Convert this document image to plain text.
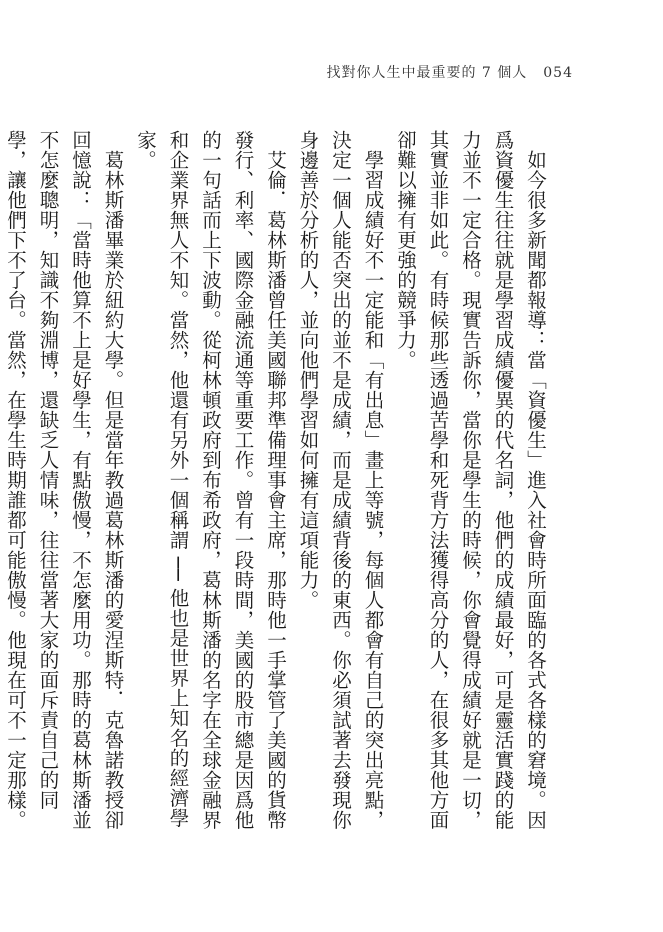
找對你人生中最重要的 7 個人 054

如今很多新聞都報導：當「資優生」進入社會時所面臨的各式各樣的窘境。因爲資優生往往就是學習成績優異的代名詞，他們的成績最好，可是靈活實踐的能力並不一定合格。現實告訴你，當你是學生的時候，你會覺得成績好就是一切，其實並非如此。有時候那些透過苦學和死背方法獲得高分的人，在很多其他方面卻難以擁有更強的競爭力。

學習成績好不一定能和「有出息」畫上等號，每個人都會有自己的突出亮點，決定一個人能否突出的並不是成績，而是成績背後的東西。你必須試著去發現你身邊善於分析的人，並向他們學習如何擁有這項能力。

艾倫．葛林斯潘曾任美國聯邦準備理事會主席，那時他一手掌管了美國的貨幣發行、利率、國際金融流通等重要工作。曾有一段時間，美國的股市總是因爲他的一句話而上下波動。從柯林頓政府到布希政府，葛林斯潘的名字在全球金融界和企業界無人不知。當然，他還有另外一個稱謂 ── 他也是世界上知名的經濟學家。

葛林斯潘畢業於紐約大學。但是當年教過葛林斯潘的愛涅斯特．克魯諾教授卻回憶說：「當時他算不上是好學生，有點傲慢，不怎麼用功。那時的葛林斯潘並不怎麼聰明，知識不夠淵博，還缺乏人情味，往往當著大家的面斥責自己的同學，讓他們下不了台。當然，在學生時期誰都可能傲慢。他現在可不一定那樣。
